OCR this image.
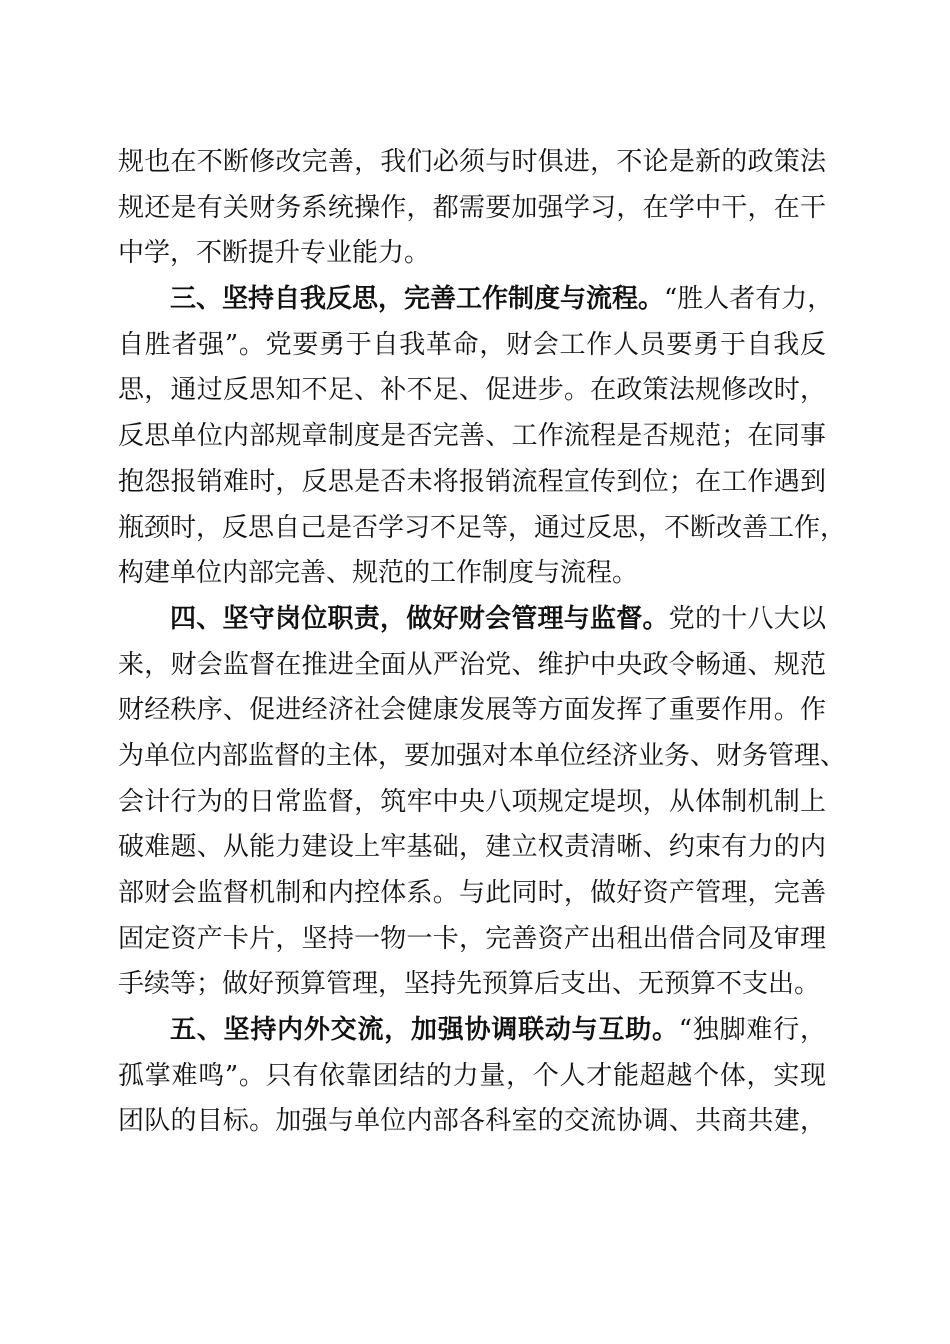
规也在不断修改完善，我们必须与时俱进，不论是新的政策法
规还是有关财务系统操作，都需要加强学习，在学中干，在干
中学，不断提升专业能力。
三、坚持自我反思，完善工作制度与流程。“胜人者有力，
自胜者强”。党要勇于自我革命，财会工作人员要勇于自我反
思，通过反思知不足、补不足、促进步。在政策法规修改时，
反思单位内部规章制度是否完善、工作流程是否规范；在同事
抱怨报销难时，反思是否未将报销流程宣传到位；在工作遇到
瓶颈时，反思自己是否学习不足等，通过反思，不断改善工作，
构建单位内部完善、规范的工作制度与流程。
四、坚守岗位职责，做好财会管理与监督。党的十八大以
来，财会监督在推进全面从严治党、维护中央政令畅通、规范
财经秩序、促进经济社会健康发展等方面发挥了重要作用。作
为单位内部监督的主体，要加强对本单位经济业务、财务管理、
会计行为的日常监督，筑牢中央八项规定堤坝，从体制机制上
破难题、从能力建设上牢基础，建立权责清晰、约束有力的内
部财会监督机制和内控体系。与此同时，做好资产管理，完善
固定资产卡片，坚持一物一卡，完善资产出租出借合同及审理
手续等；做好预算管理，坚持先预算后支出、无预算不支出。
五、坚持内外交流，加强协调联动与互助。“独脚难行，
孤掌难鸣”。只有依靠团结的力量，个人才能超越个体，实现
团队的目标。加强与单位内部各科室的交流协调、共商共建，
